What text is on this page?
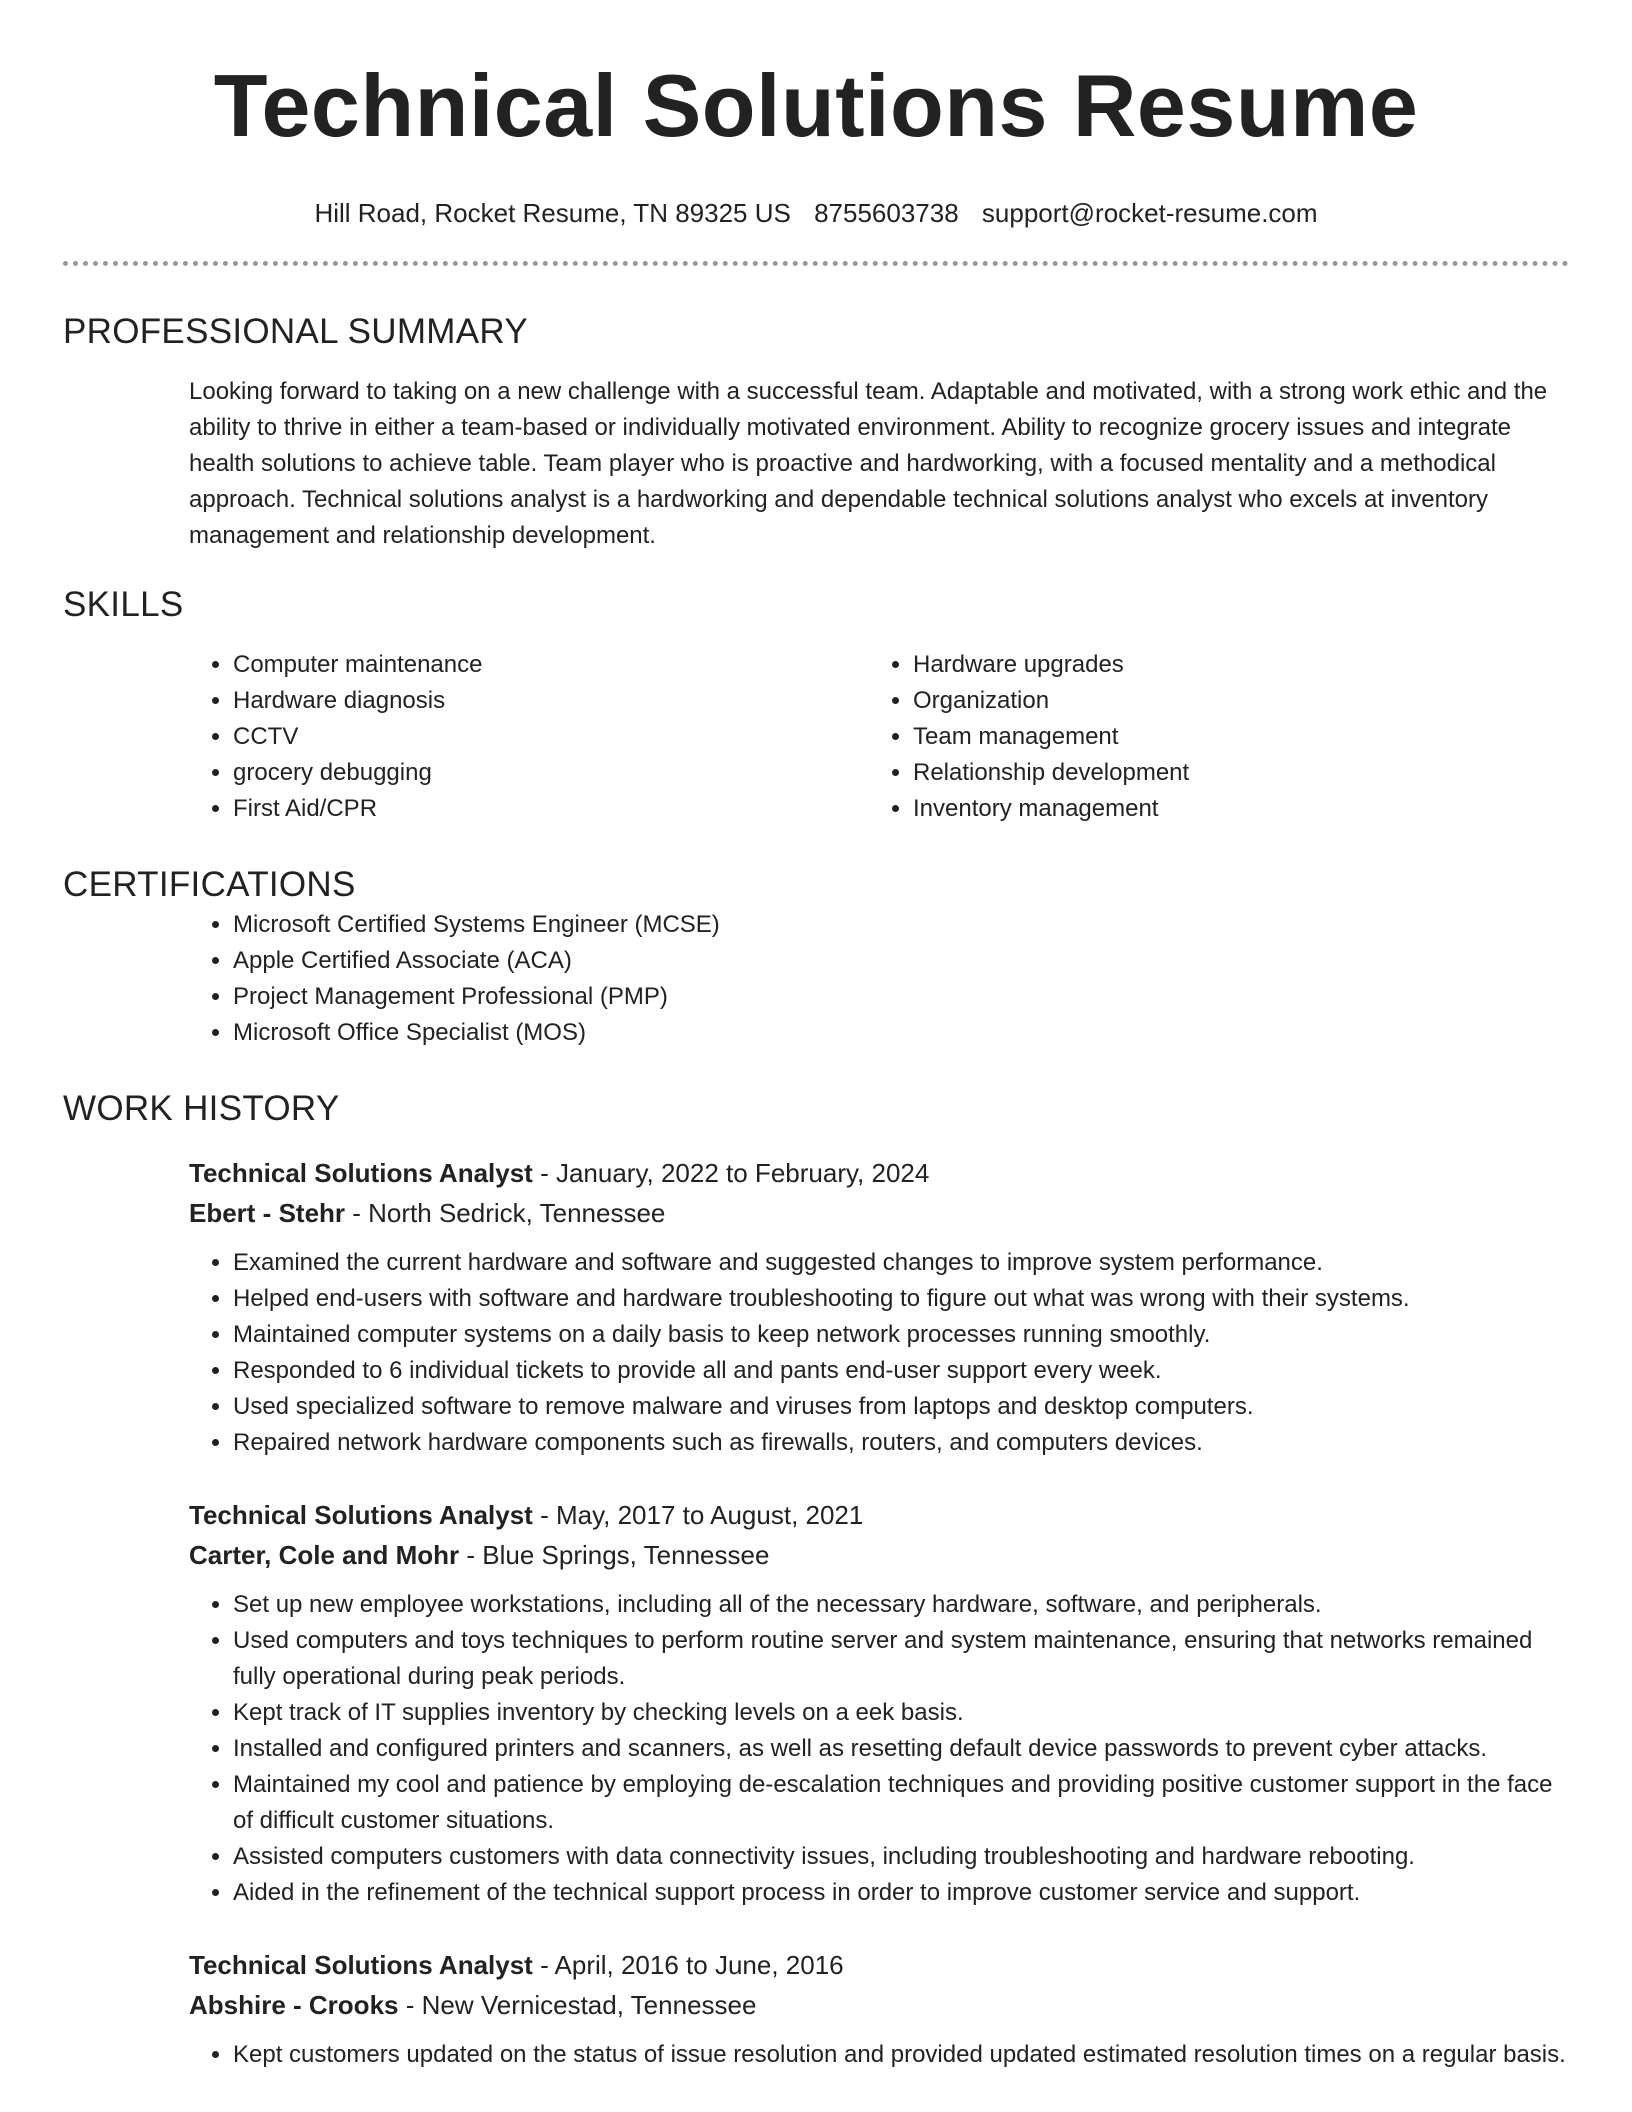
Technical Solutions Resume
Hill Road, Rocket Resume, TN 89325 US 8755603738 support@rocket-resume.com
PROFESSIONAL SUMMARY

Looking forward to taking on a new challenge with a successful team. Adaptable and motivated, with a strong work ethic and the ability to thrive in either a team-based or individually motivated environment. Ability to recognize grocery issues and integrate health solutions to achieve table. Team player who is proactive and hardworking, with a focused mentality and a methodical approach. Technical solutions analyst is a hardworking and dependable technical solutions analyst who excels at inventory management and relationship development.

SKILLS
• Computer maintenance
• Hardware diagnosis
• CCTV
• grocery debugging
• First Aid/CPR
• Hardware upgrades
• Organization
• Team management
• Relationship development
• Inventory management
CERTIFICATIONS
• Microsoft Certified Systems Engineer (MCSE)
• Apple Certified Associate (ACA)
• Project Management Professional (PMP)
• Microsoft Office Specialist (MOS)
WORK HISTORY
Technical Solutions Analyst - January, 2022 to February, 2024
Ebert - Stehr - North Sedrick, Tennessee
• Examined the current hardware and software and suggested changes to improve system performance.
• Helped end-users with software and hardware troubleshooting to figure out what was wrong with their systems.
• Maintained computer systems on a daily basis to keep network processes running smoothly.
• Responded to 6 individual tickets to provide all and pants end-user support every week.
• Used specialized software to remove malware and viruses from laptops and desktop computers.
• Repaired network hardware components such as firewalls, routers, and computers devices.
Technical Solutions Analyst - May, 2017 to August, 2021
Carter, Cole and Mohr - Blue Springs, Tennessee
• Set up new employee workstations, including all of the necessary hardware, software, and peripherals.
• Used computers and toys techniques to perform routine server and system maintenance, ensuring that networks remained fully operational during peak periods.
• Kept track of IT supplies inventory by checking levels on a eek basis.
• Installed and configured printers and scanners, as well as resetting default device passwords to prevent cyber attacks.
• Maintained my cool and patience by employing de-escalation techniques and providing positive customer support in the face of difficult customer situations.
• Assisted computers customers with data connectivity issues, including troubleshooting and hardware rebooting.
• Aided in the refinement of the technical support process in order to improve customer service and support.
Technical Solutions Analyst - April, 2016 to June, 2016
Abshire - Crooks - New Vernicestad, Tennessee
• Kept customers updated on the status of issue resolution and provided updated estimated resolution times on a regular basis.
